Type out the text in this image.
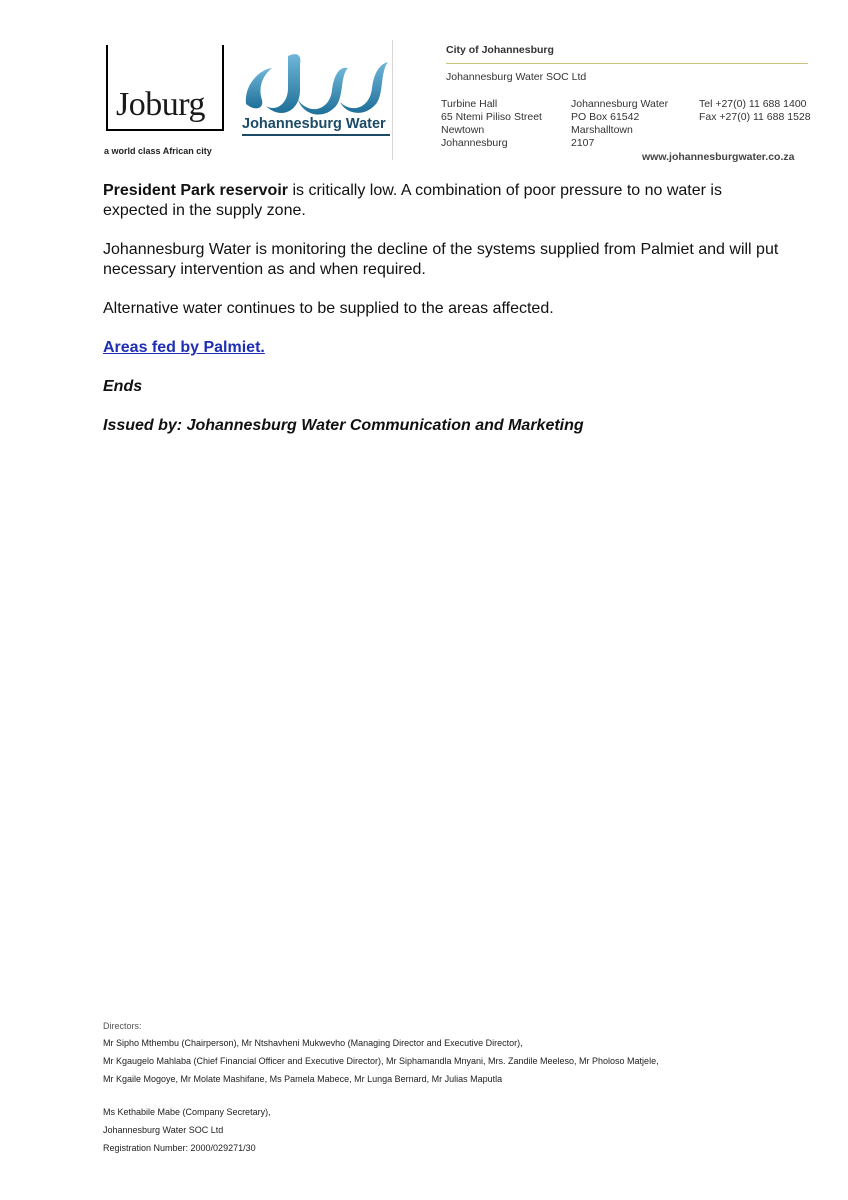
Joburg
a world class African city
Johannesburg Water
City of Johannesburg
Johannesburg Water SOC Ltd
Turbine Hall
65 Ntemi Piliso Street
Newtown
Johannesburg
Johannesburg Water
PO Box 61542
Marshalltown
2107
Tel +27(0) 11 688 1400
Fax +27(0) 11 688 1528
www.johannesburgwater.co.za
President Park reservoir is critically low. A combination of poor pressure to no water is expected in the supply zone.
Johannesburg Water is monitoring the decline of the systems supplied from Palmiet and will put necessary intervention as and when required.
Alternative water continues to be supplied to the areas affected.
Areas fed by Palmiet.
Ends
Issued by: Johannesburg Water Communication and Marketing
Directors:
Mr Sipho Mthembu (Chairperson), Mr Ntshavheni Mukwevho (Managing Director and Executive Director),
Mr Kgaugelo Mahlaba (Chief Financial Officer and Executive Director), Mr Siphamandla Mnyani, Mrs. Zandile Meeleso, Mr Pholoso Matjele,
Mr Kgaile Mogoye, Mr Molate Mashifane, Ms Pamela Mabece, Mr Lunga Bernard, Mr Julias Maputla
Ms Kethabile Mabe (Company Secretary),
Johannesburg Water SOC Ltd
Registration Number: 2000/029271/30
